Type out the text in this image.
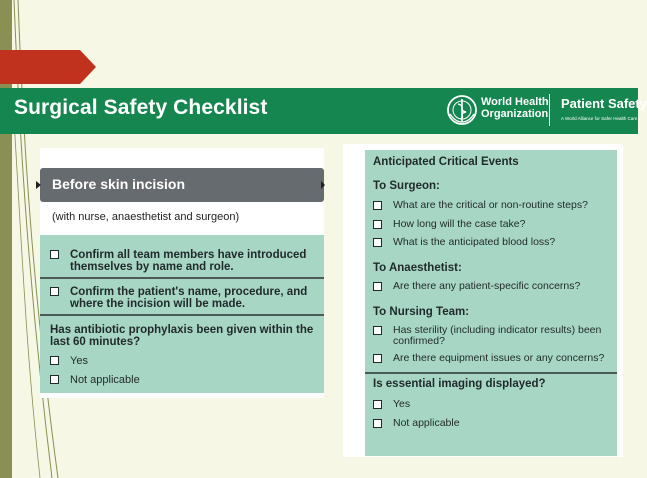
Surgical Safety Checklist	World Health
Organization
Patient Safety
A World Alliance for Safer Health Care
Before skin incision
(with nurse, anaesthetist and surgeon)
Confirm all team members have introduced themselves by name and role.
Confirm the patient's name, procedure, and where the incision will be made.
Has antibiotic prophylaxis been given within the last 60 minutes?
Yes
Not applicable
Anticipated Critical Events
To Surgeon:
What are the critical or non-routine steps?
How long will the case take?
What is the anticipated blood loss?
To Anaesthetist:
Are there any patient-specific concerns?
To Nursing Team:
Has sterility (including indicator results) been confirmed?
Are there equipment issues or any concerns?
Is essential imaging displayed?
Yes
Not applicable
